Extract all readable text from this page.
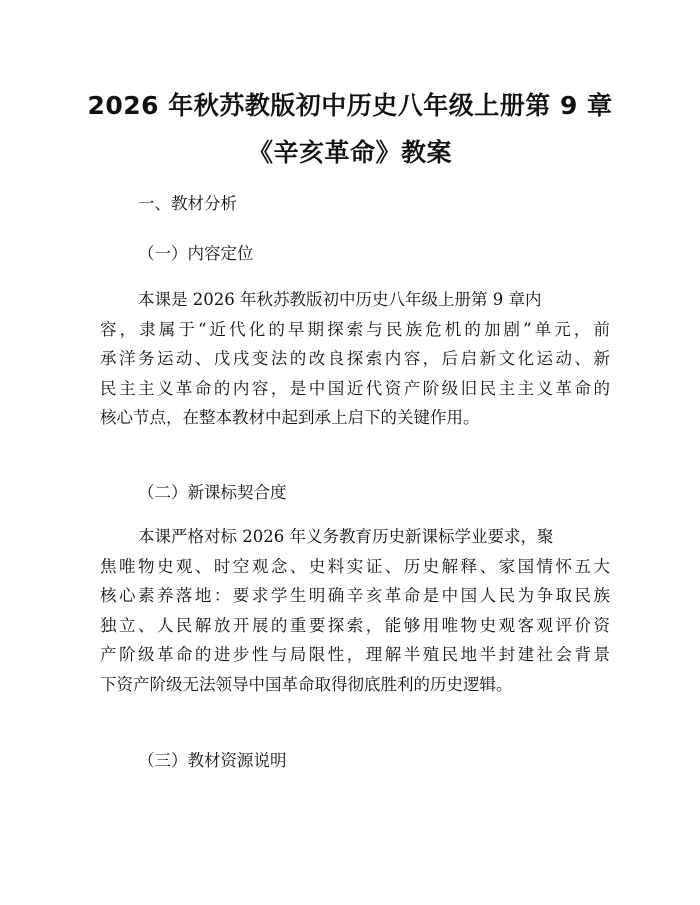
2026 年秋苏教版初中历史八年级上册第 9 章
《辛亥革命》教案
一、教材分析
（一）内容定位
本课是 2026 年秋苏教版初中历史八年级上册第 9 章内
容，隶属于“近代化的早期探索与民族危机的加剧”单元，前
承洋务运动、戊戌变法的改良探索内容，后启新文化运动、新
民主主义革命的内容，是中国近代资产阶级旧民主主义革命的
核心节点，在整本教材中起到承上启下的关键作用。
（二）新课标契合度
本课严格对标 2026 年义务教育历史新课标学业要求，聚
焦唯物史观、时空观念、史料实证、历史解释、家国情怀五大
核心素养落地：要求学生明确辛亥革命是中国人民为争取民族
独立、人民解放开展的重要探索，能够用唯物史观客观评价资
产阶级革命的进步性与局限性，理解半殖民地半封建社会背景
下资产阶级无法领导中国革命取得彻底胜利的历史逻辑。
（三）教材资源说明
